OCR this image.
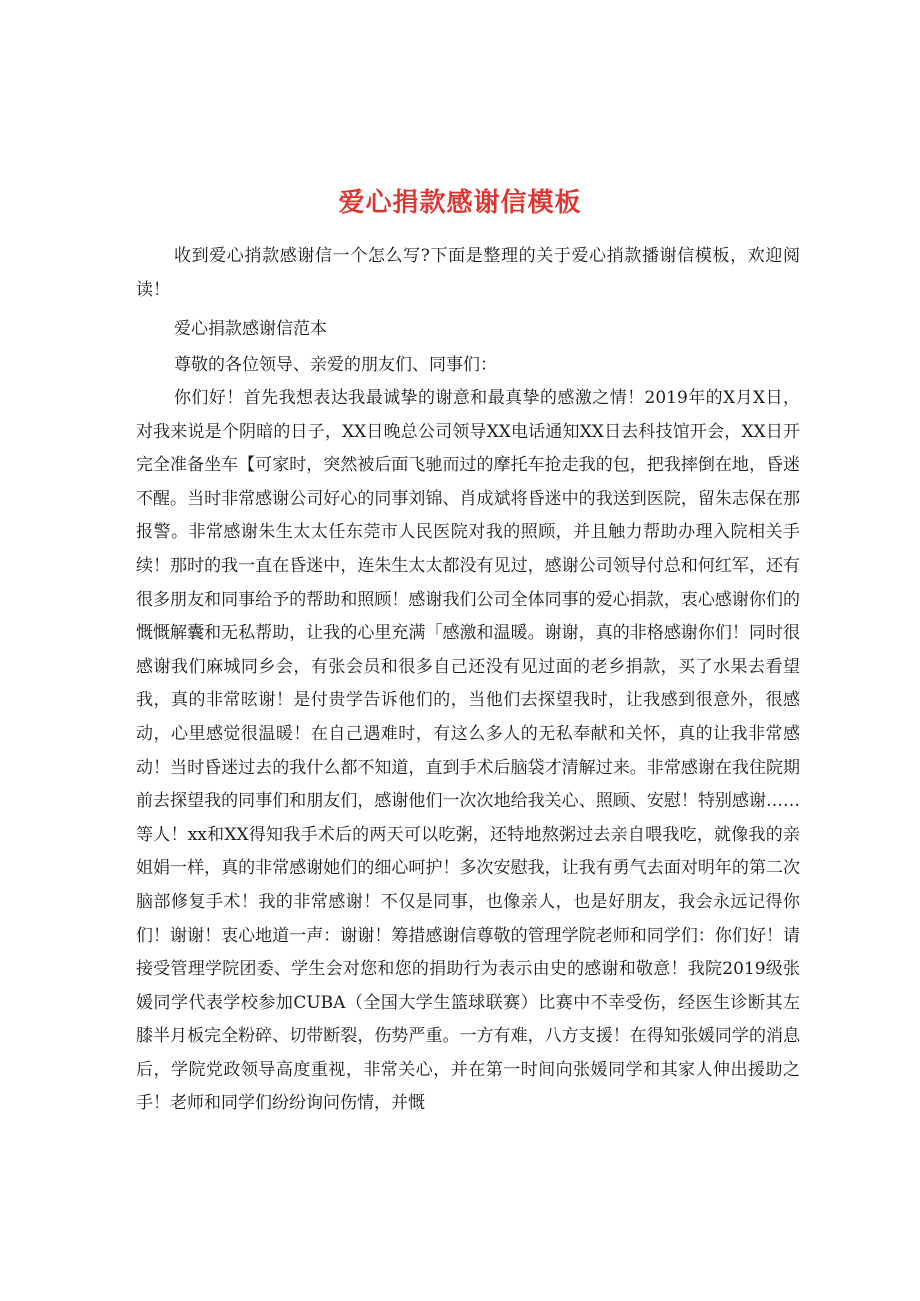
爱心捐款感谢信模板

收到爱心捎款感谢信一个怎么写?下面是整理的关于爱心捎款播谢信模板，欢迎阅读！

爱心捐款感谢信范本

尊敬的各位领导、亲爱的朋友们、同事们：

你们好！首先我想表达我最诚挚的谢意和最真挚的感激之情！2019年的X月X日，对我来说是个阴暗的日子，XX日晚总公司领导XX电话通知XX日去科技馆开会，XX日开完全准备坐车【可家时，突然被后面飞驰而过的摩托车抢走我的包，把我摔倒在地，昏迷不醒。当时非常感谢公司好心的同事刘锦、肖成斌将昏迷中的我送到医院，留朱志保在那报警。非常感谢朱生太太任东莞市人民医院对我的照顾，并且触力帮助办理入院相关手续！那时的我一直在昏迷中，连朱生太太都没有见过，感谢公司领导付总和何红军，还有很多朋友和同事给予的帮助和照顾！感谢我们公司全体同事的爱心捐款，衷心感谢你们的慨慨解囊和无私帮助，让我的心里充满「感激和温暖。谢谢，真的非格感谢你们！同时很感谢我们麻城同乡会，有张会员和很多自己还没有见过面的老乡捐款，买了水果去看望我，真的非常昡谢！是付贵学告诉他们的，当他们去探望我时，让我感到很意外，很感动，心里感觉很温暖！在自己遇难时，有这么多人的无私奉献和关怀，真的让我非常感动！当时昏迷过去的我什么都不知道，直到手术后脑袋才清解过来。非常感谢在我住院期前去探望我的同事们和朋友们，感谢他们一次次地给我关心、照顾、安慰！特别感谢……等人！xx和XX得知我手术后的两天可以吃粥，还特地熬粥过去亲自喂我吃，就像我的亲姐娟一样，真的非常感谢她们的细心呵护！多次安慰我，让我有勇气去面对明年的第二次脑部修复手术！我的非常感谢！不仅是同事，也像亲人，也是好朋友，我会永远记得你们！谢谢！衷心地道一声：谢谢！筹措感谢信尊敬的管理学院老师和同学们：你们好！请接受管理学院团委、学生会对您和您的捐助行为表示由史的感谢和敬意！我院2019级张媛同学代表学校参加CUBA（全国大学生篮球联赛）比赛中不幸受伤，经医生诊断其左膝半月板完全粉碎、切带断裂，伤势严重。一方有难，八方支援！在得知张媛同学的消息后，学院党政领导高度重视，非常关心，并在第一时间向张媛同学和其家人伸出援助之手！老师和同学们纷纷询问伤情，并慨
